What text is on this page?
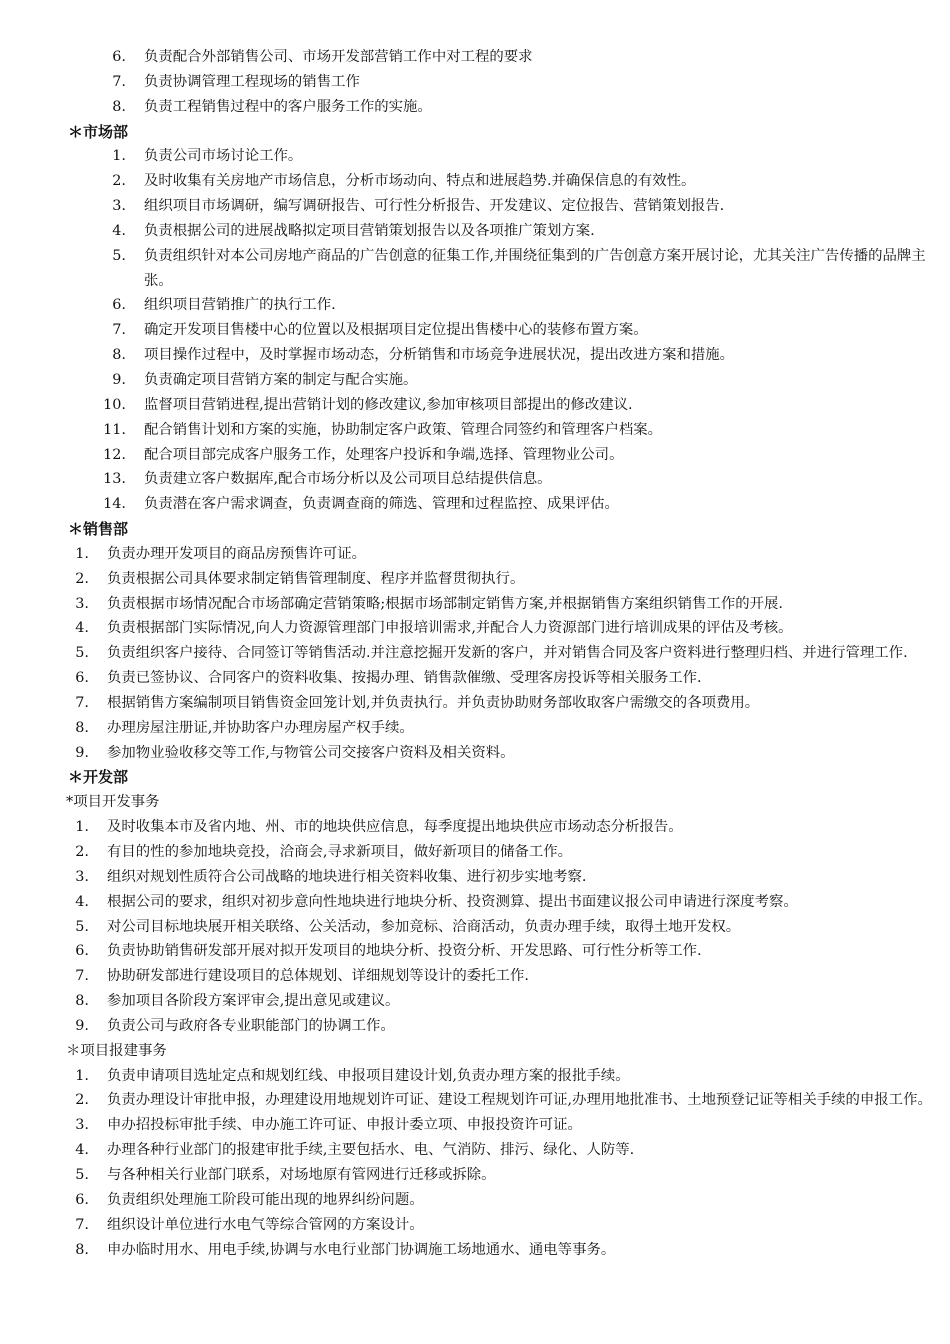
6.	负责配合外部销售公司、市场开发部营销工作中对工程的要求
7.	负责协调管理工程现场的销售工作
8.	负责工程销售过程中的客户服务工作的实施。
＊市场部
1.	负责公司市场讨论工作。
2.	及时收集有关房地产市场信息，分析市场动向、特点和进展趋势.并确保信息的有效性。
3.	组织项目市场调研，编写调研报告、可行性分析报告、开发建议、定位报告、营销策划报告.
4.	负责根据公司的进展战略拟定项目营销策划报告以及各项推广策划方案.
5.	负责组织针对本公司房地产商品的广告创意的征集工作,并围绕征集到的广告创意方案开展讨论，尤其关注广告传播的品牌主张。
6.	组织项目营销推广的执行工作.
7.	确定开发项目售楼中心的位置以及根据项目定位提出售楼中心的装修布置方案。
8.	项目操作过程中，及时掌握市场动态，分析销售和市场竞争进展状况，提出改进方案和措施。
9.	负责确定项目营销方案的制定与配合实施。
10.	监督项目营销进程,提出营销计划的修改建议,参加审核项目部提出的修改建议.
11.	配合销售计划和方案的实施，协助制定客户政策、管理合同签约和管理客户档案。
12.	配合项目部完成客户服务工作，处理客户投诉和争端,选择、管理物业公司。
13.	负责建立客户数据库,配合市场分析以及公司项目总结提供信息。
14.	负责潜在客户需求调查，负责调查商的筛选、管理和过程监控、成果评估。
＊销售部
1.	负责办理开发项目的商品房预售许可证。
2.	负责根据公司具体要求制定销售管理制度、程序并监督贯彻执行。
3.	负责根据市场情况配合市场部确定营销策略;根据市场部制定销售方案,并根据销售方案组织销售工作的开展.
4.	负责根据部门实际情况,向人力资源管理部门申报培训需求,并配合人力资源部门进行培训成果的评估及考核。
5.	负责组织客户接待、合同签订等销售活动.并注意挖掘开发新的客户，并对销售合同及客户资料进行整理归档、并进行管理工作.
6.	负责已签协议、合同客户的资料收集、按揭办理、销售款催缴、受理客房投诉等相关服务工作.
7.	根据销售方案编制项目销售资金回笼计划,并负责执行。并负责协助财务部收取客户需缴交的各项费用。
8.	办理房屋注册证,并协助客户办理房屋产权手续。
9.	参加物业验收移交等工作,与物管公司交接客户资料及相关资料。
＊开发部
*项目开发事务
1.	及时收集本市及省内地、州、市的地块供应信息，每季度提出地块供应市场动态分析报告。
2.	有目的性的参加地块竞投，洽商会,寻求新项目，做好新项目的储备工作。
3.	组织对规划性质符合公司战略的地块进行相关资料收集、进行初步实地考察.
4.	根据公司的要求，组织对初步意向性地块进行地块分析、投资测算、提出书面建议报公司申请进行深度考察。
5.	对公司目标地块展开相关联络、公关活动，参加竞标、洽商活动，负责办理手续，取得土地开发权。
6.	负责协助销售研发部开展对拟开发项目的地块分析、投资分析、开发思路、可行性分析等工作.
7.	协助研发部进行建设项目的总体规划、详细规划等设计的委托工作.
8.	参加项目各阶段方案评审会,提出意见或建议。
9.	负责公司与政府各专业职能部门的协调工作。
＊项目报建事务
1.	负责申请项目选址定点和规划红线、申报项目建设计划,负责办理方案的报批手续。
2.	负责办理设计审批申报，办理建设用地规划许可证、建设工程规划许可证,办理用地批准书、土地预登记证等相关手续的申报工作。
3.	申办招投标审批手续、申办施工许可证、申报计委立项、申报投资许可证。
4.	办理各种行业部门的报建审批手续,主要包括水、电、气消防、排污、绿化、人防等.
5.	与各种相关行业部门联系，对场地原有管网进行迁移或拆除。
6.	负责组织处理施工阶段可能出现的地界纠纷问题。
7.	组织设计单位进行水电气等综合管网的方案设计。
8.	申办临时用水、用电手续,协调与水电行业部门协调施工场地通水、通电等事务。
